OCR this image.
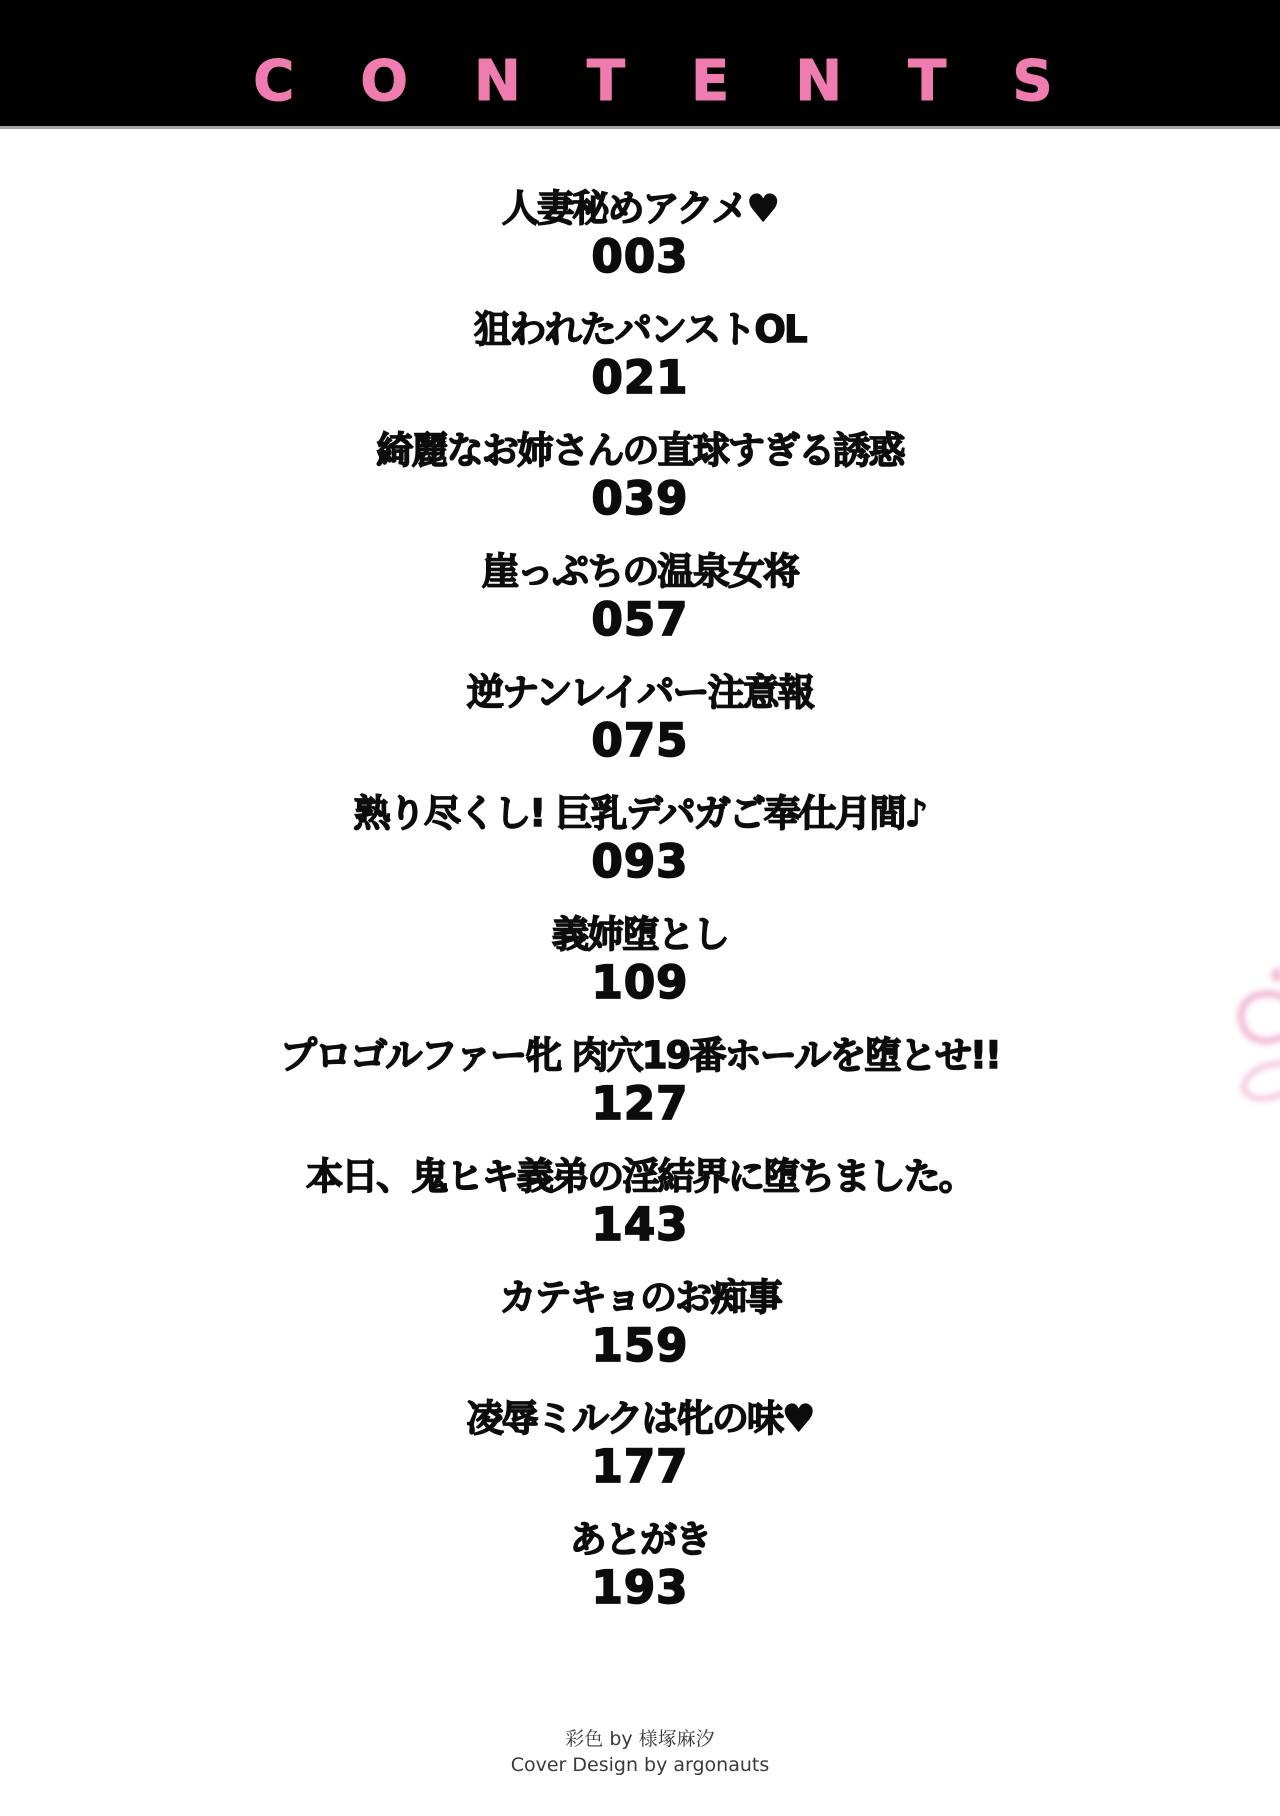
CONTENTS
人妻秘めアクメ♥
003
狙われたパンストOL
021
綺麗なお姉さんの直球すぎる誘惑
039
崖っぷちの温泉女将
057
逆ナンレイパー注意報
075
熟り尽くし! 巨乳デパガご奉仕月間♪
093
義姉堕とし
109
プロゴルファー牝 肉穴19番ホールを堕とせ!!
127
本日、鬼ヒキ義弟の淫結界に堕ちました。
143
カテキョのお痴事
159
凌辱ミルクは牝の味♥
177
あとがき
193
彩色 by 様塚麻汐
Cover Design by argonauts
